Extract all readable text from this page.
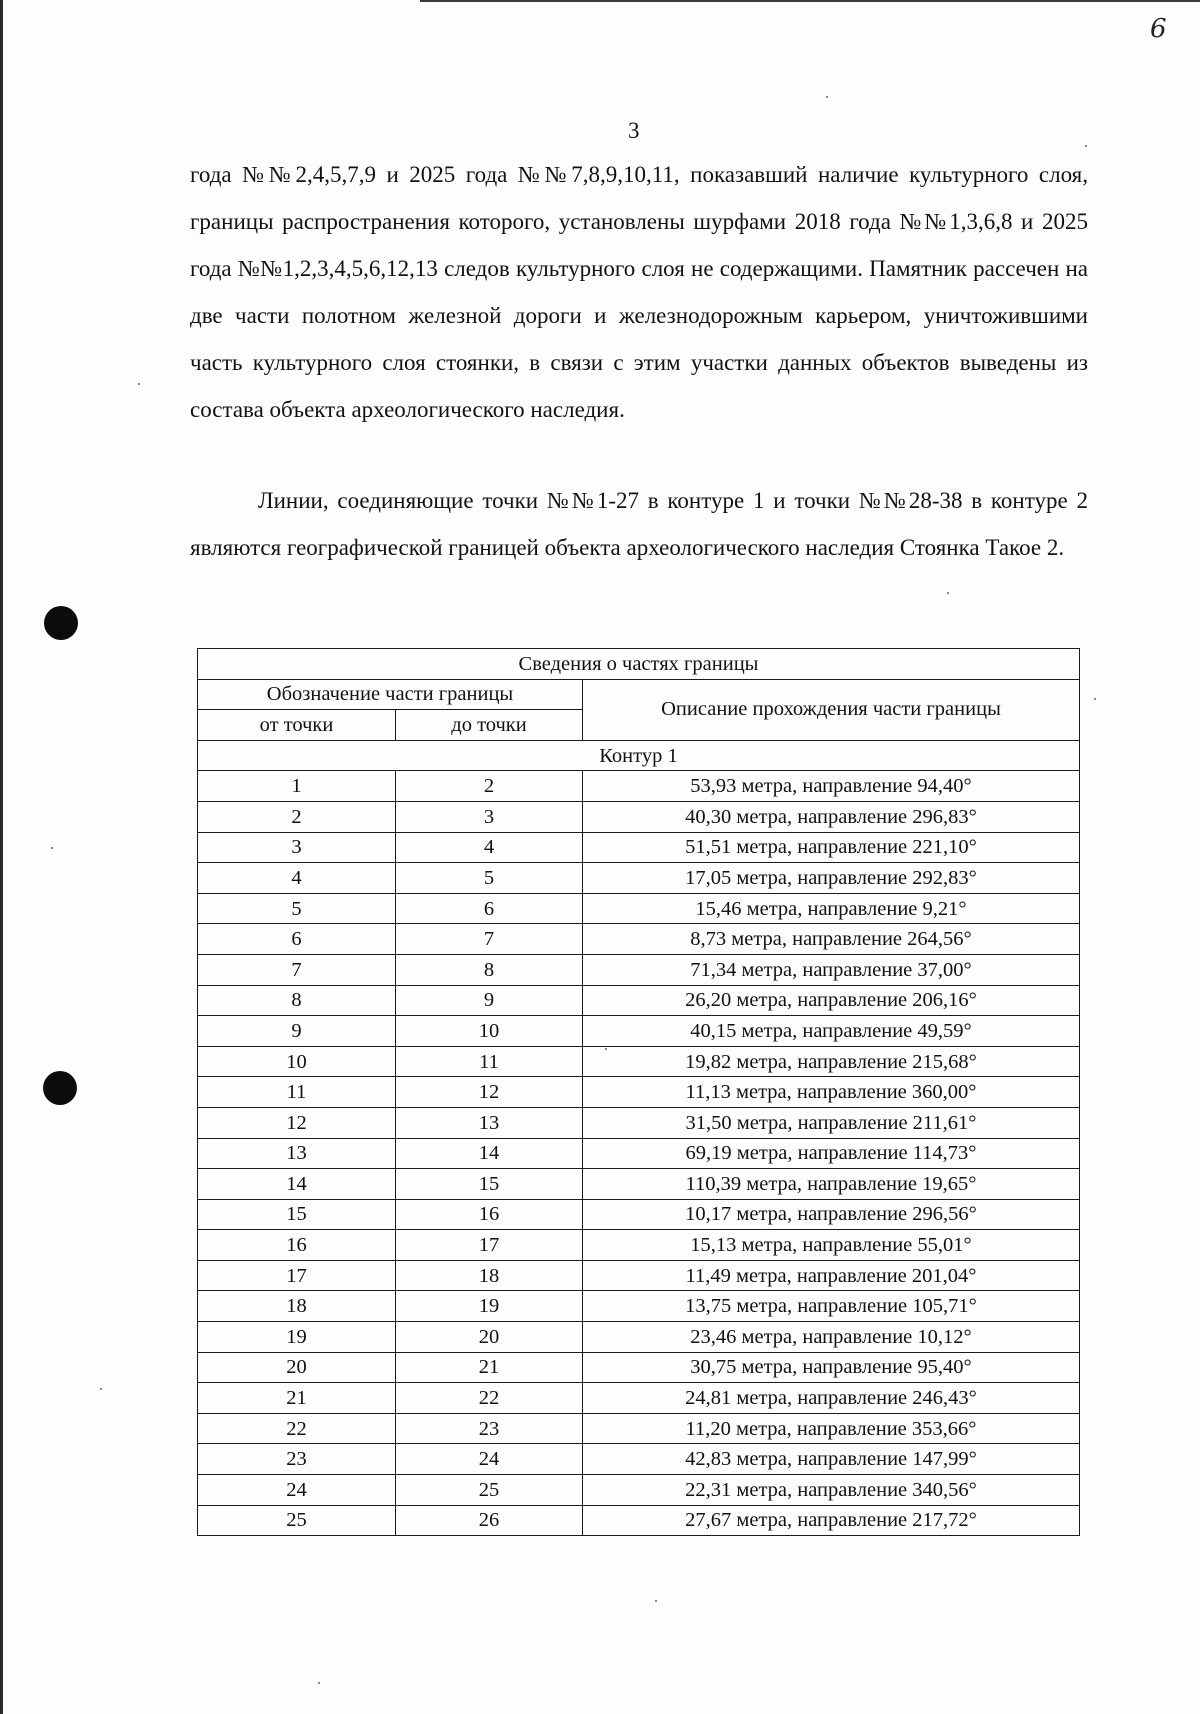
6
3
года №№2,4,5,7,9 и 2025 года №№7,8,9,10,11, показавший наличие культурного слоя, границы распространения которого, установлены шурфами 2018 года №№1,3,6,8 и 2025 года №№1,2,3,4,5,6,12,13 следов культурного слоя не содержащими. Памятник рассечен на две части полотном железной дороги и железнодорожным карьером, уничтожившими часть культурного слоя стоянки, в связи с этим участки данных объектов выведены из состава объекта археологического наследия.
Линии, соединяющие точки №№1-27 в контуре 1 и точки №№28-38 в контуре 2 являются географической границей объекта археологического наследия Стоянка Такое 2.
Сведения о частях границы		
Обозначение части границы		Описание прохождения части границы
от точки	до точки	
Контур 1		
1	2	53,93 метра, направление 94,40°
2	3	40,30 метра, направление 296,83°
3	4	51,51 метра, направление 221,10°
4	5	17,05 метра, направление 292,83°
5	6	15,46 метра, направление 9,21°
6	7	8,73 метра, направление 264,56°
7	8	71,34 метра, направление 37,00°
8	9	26,20 метра, направление 206,16°
9	10	40,15 метра, направление 49,59°
10	11	19,82 метра, направление 215,68°
11	12	11,13 метра, направление 360,00°
12	13	31,50 метра, направление 211,61°
13	14	69,19 метра, направление 114,73°
14	15	110,39 метра, направление 19,65°
15	16	10,17 метра, направление 296,56°
16	17	15,13 метра, направление 55,01°
17	18	11,49 метра, направление 201,04°
18	19	13,75 метра, направление 105,71°
19	20	23,46 метра, направление 10,12°
20	21	30,75 метра, направление 95,40°
21	22	24,81 метра, направление 246,43°
22	23	11,20 метра, направление 353,66°
23	24	42,83 метра, направление 147,99°
24	25	22,31 метра, направление 340,56°
25	26	27,67 метра, направление 217,72°
